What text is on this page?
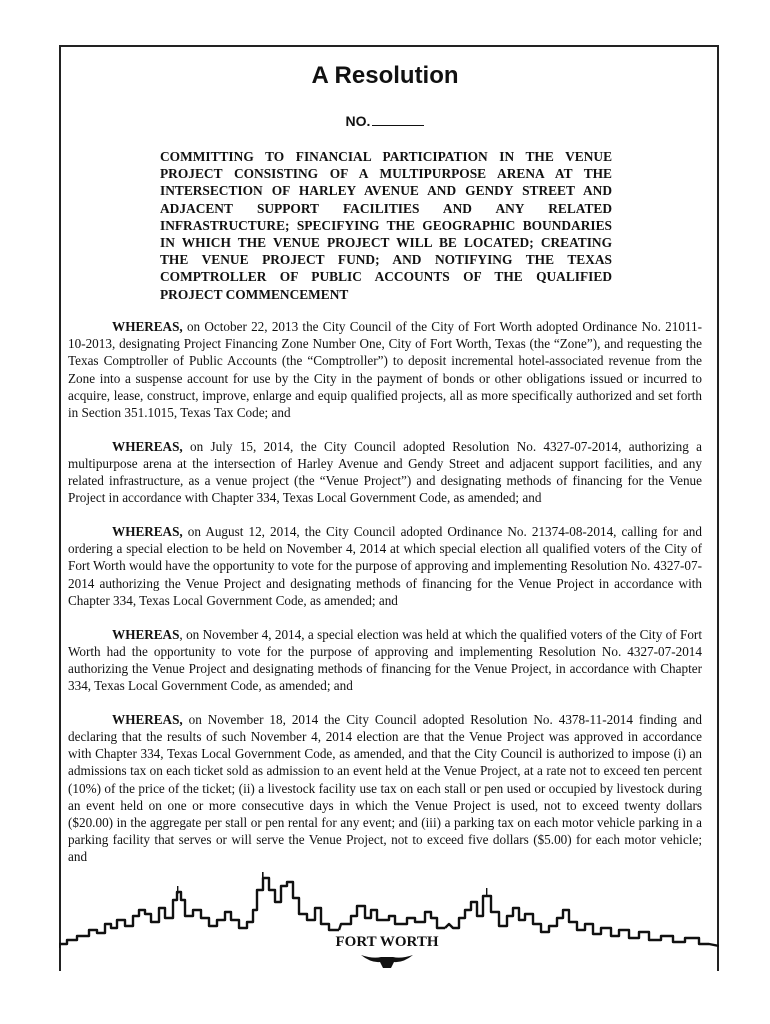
A Resolution
NO.
COMMITTING TO FINANCIAL PARTICIPATION IN THE VENUE PROJECT CONSISTING OF A MULTIPURPOSE ARENA AT THE INTERSECTION OF HARLEY AVENUE AND GENDY STREET AND ADJACENT SUPPORT FACILITIES AND ANY RELATED INFRASTRUCTURE; SPECIFYING THE GEOGRAPHIC BOUNDARIES IN WHICH THE VENUE PROJECT WILL BE LOCATED; CREATING THE VENUE PROJECT FUND; AND NOTIFYING THE TEXAS COMPTROLLER OF PUBLIC ACCOUNTS OF THE QUALIFIED PROJECT COMMENCEMENT

WHEREAS, on October 22, 2013 the City Council of the City of Fort Worth adopted Ordinance No. 21011-10-2013, designating Project Financing Zone Number One, City of Fort Worth, Texas (the “Zone”), and requesting the Texas Comptroller of Public Accounts (the “Comptroller”) to deposit incremental hotel-associated revenue from the Zone into a suspense account for use by the City in the payment of bonds or other obligations issued or incurred to acquire, lease, construct, improve, enlarge and equip qualified projects, all as more specifically authorized and set forth in Section 351.1015, Texas Tax Code; and

WHEREAS, on July 15, 2014, the City Council adopted Resolution No. 4327-07-2014, authorizing a multipurpose arena at the intersection of Harley Avenue and Gendy Street and adjacent support facilities, and any related infrastructure, as a venue project (the “Venue Project”) and designating methods of financing for the Venue Project in accordance with Chapter 334, Texas Local Government Code, as amended; and

WHEREAS, on August 12, 2014, the City Council adopted Ordinance No. 21374-08-2014, calling for and ordering a special election to be held on November 4, 2014 at which special election all qualified voters of the City of Fort Worth would have the opportunity to vote for the purpose of approving and implementing Resolution No. 4327-07-2014 authorizing the Venue Project and designating methods of financing for the Venue Project in accordance with Chapter 334, Texas Local Government Code, as amended; and

WHEREAS, on November 4, 2014, a special election was held at which the qualified voters of the City of Fort Worth had the opportunity to vote for the purpose of approving and implementing Resolution No. 4327-07-2014 authorizing the Venue Project and designating methods of financing for the Venue Project, in accordance with Chapter 334, Texas Local Government Code, as amended; and

WHEREAS, on November 18, 2014 the City Council adopted Resolution No. 4378-11-2014 finding and declaring that the results of such November 4, 2014 election are that the Venue Project was approved in accordance with Chapter 334, Texas Local Government Code, as amended, and that the City Council is authorized to impose (i) an admissions tax on each ticket sold as admission to an event held at the Venue Project, at a rate not to exceed ten percent (10%) of the price of the ticket; (ii) a livestock facility use tax on each stall or pen used or occupied by livestock during an event held on one or more consecutive days in which the Venue Project is used, not to exceed twenty dollars ($20.00) in the aggregate per stall or pen rental for any event; and (iii) a parking tax on each motor vehicle parking in a parking facility that serves or will serve the Venue Project, not to exceed five dollars ($5.00) for each motor vehicle; and

FORT WORTH
